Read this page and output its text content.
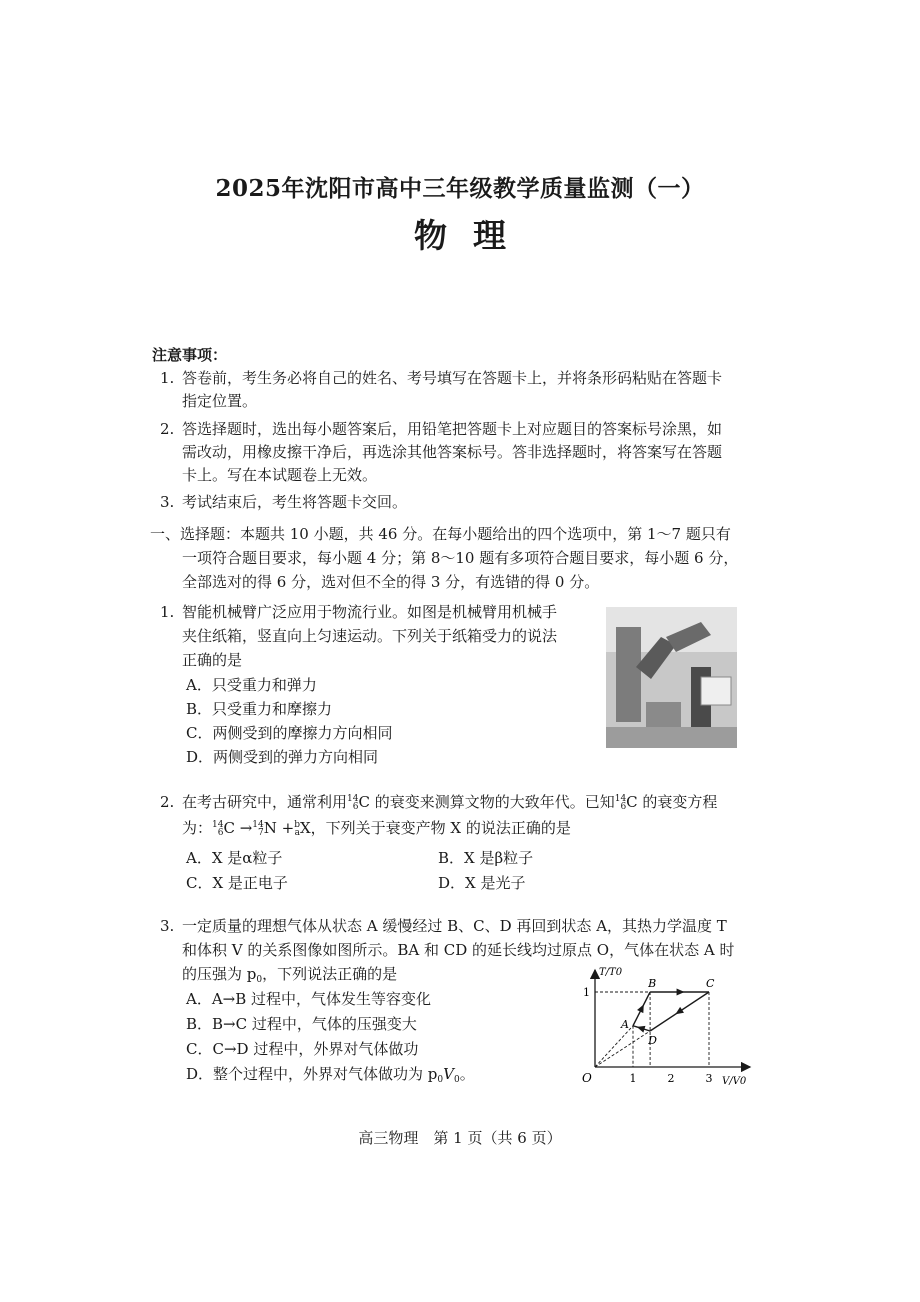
2025年沈阳市高中三年级教学质量监测（一）
物理
注意事项：
1. 答卷前，考生务必将自己的姓名、考号填写在答题卡上，并将条形码粘贴在答题卡
指定位置。
2. 答选择题时，选出每小题答案后，用铅笔把答题卡上对应题目的答案标号涂黑，如
需改动，用橡皮擦干净后，再选涂其他答案标号。答非选择题时，将答案写在答题
卡上。写在本试题卷上无效。
3. 考试结束后，考生将答题卡交回。
一、选择题：本题共 10 小题，共 46 分。在每小题给出的四个选项中，第 1～7 题只有
一项符合题目要求，每小题 4 分；第 8～10 题有多项符合题目要求，每小题 6 分，
全部选对的得 6 分，选对但不全的得 3 分，有选错的得 0 分。
1. 智能机械臂广泛应用于物流行业。如图是机械臂用机械手
夹住纸箱，竖直向上匀速运动。下列关于纸箱受力的说法
正确的是
A．只受重力和弹力
B．只受重力和摩擦力
C．两侧受到的摩擦力方向相同
D．两侧受到的弹力方向相同
2. 在考古研究中，通常利用 14
6 C 的衰变来测算文物的大致年代。已知 14
6 C 的衰变方程
为： 14
6 C → 14
7 N + b
a X，下列关于衰变产物 X 的说法正确的是
A．X 是α粒子	B．X 是β粒子
C．X 是正电子	D．X 是光子
3. 一定质量的理想气体从状态 A 缓慢经过 B、C、D 再回到状态 A，其热力学温度 T
和体积 V 的关系图像如图所示。BA 和 CD 的延长线均过原点 O，气体在状态 A 时
的压强为 $p_0$，下列说法正确的是
A．A→B 过程中，气体发生等容变化
B．B→C 过程中，气体的压强变大
C．C→D 过程中，外界对气体做功
D．整个过程中，外界对气体做功为 $p_0V_0$。
T/T0
V/V0
O	1	2	3
1
A
B	C
D
高三物理　第 1 页（共 6 页）
